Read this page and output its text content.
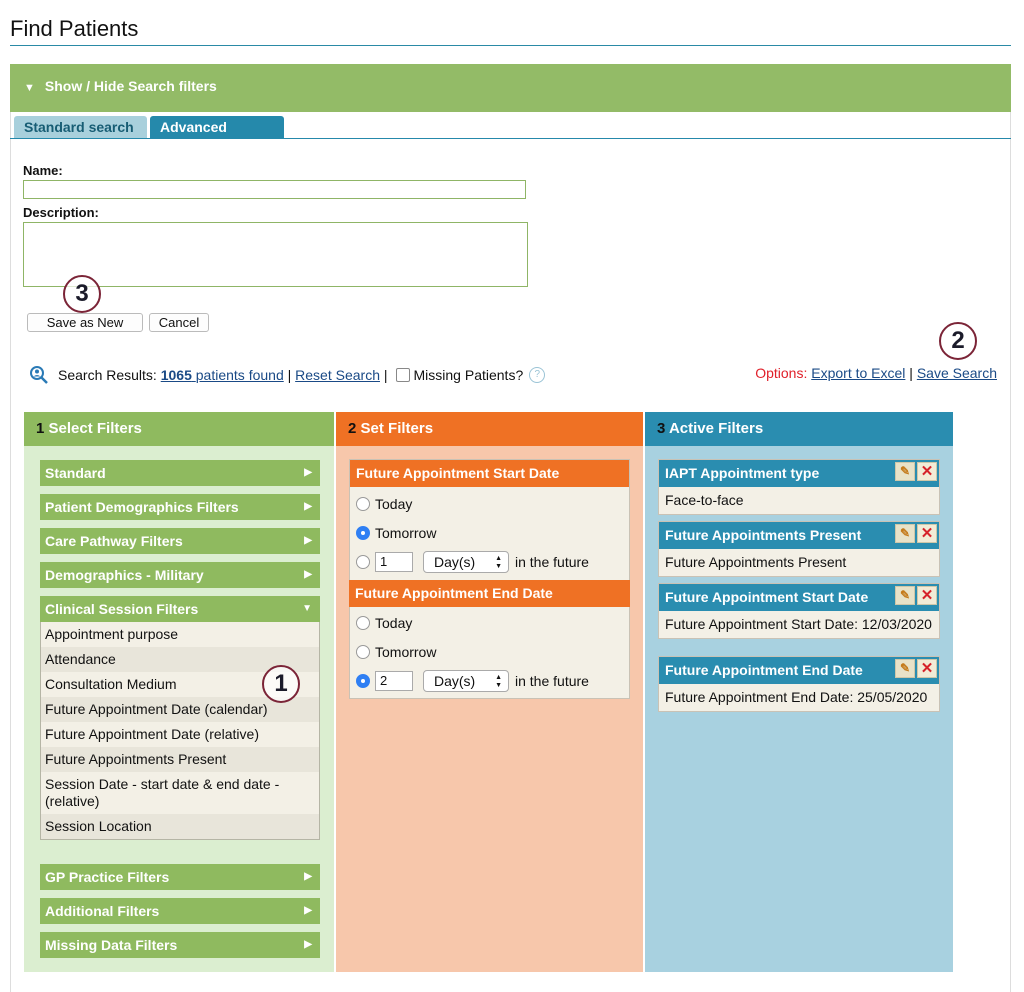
Find Patients
▼ Show / Hide Search filters
Standard search	Advanced search
Name:
Description:
3
Save as New	Cancel
2
Search Results:
1065 patients found
|
Reset Search
| Missing Patients?	?	Options: Export to Excel | Save Search
1 Select Filters
Standard	▶
Patient Demographics Filters	▶
Care Pathway Filters	▶
Demographics - Military	▶
Clinical Session Filters	▼
Appointment purpose
Attendance
Consultation Medium
Future Appointment Date (calendar)
Future Appointment Date (relative)
Future Appointments Present
Session Date - start date & end date - (relative)
Session Location
1
GP Practice Filters	▶
Additional Filters	▶
Missing Data Filters	▶
2 Set Filters
Future Appointment Start Date
Today
Tomorrow
1	Day(s)	▲
▼ in the future
Future Appointment End Date
Today
Tomorrow
2	Day(s)	▲
▼ in the future
3 Active Filters
IAPT Appointment type	✎ ✕
Face-to-face
Future Appointments Present	✎ ✕
Future Appointments Present
Future Appointment Start Date	✎ ✕
Future Appointment Start Date: 12/03/2020
Future Appointment End Date	✎ ✕
Future Appointment End Date: 25/05/2020
